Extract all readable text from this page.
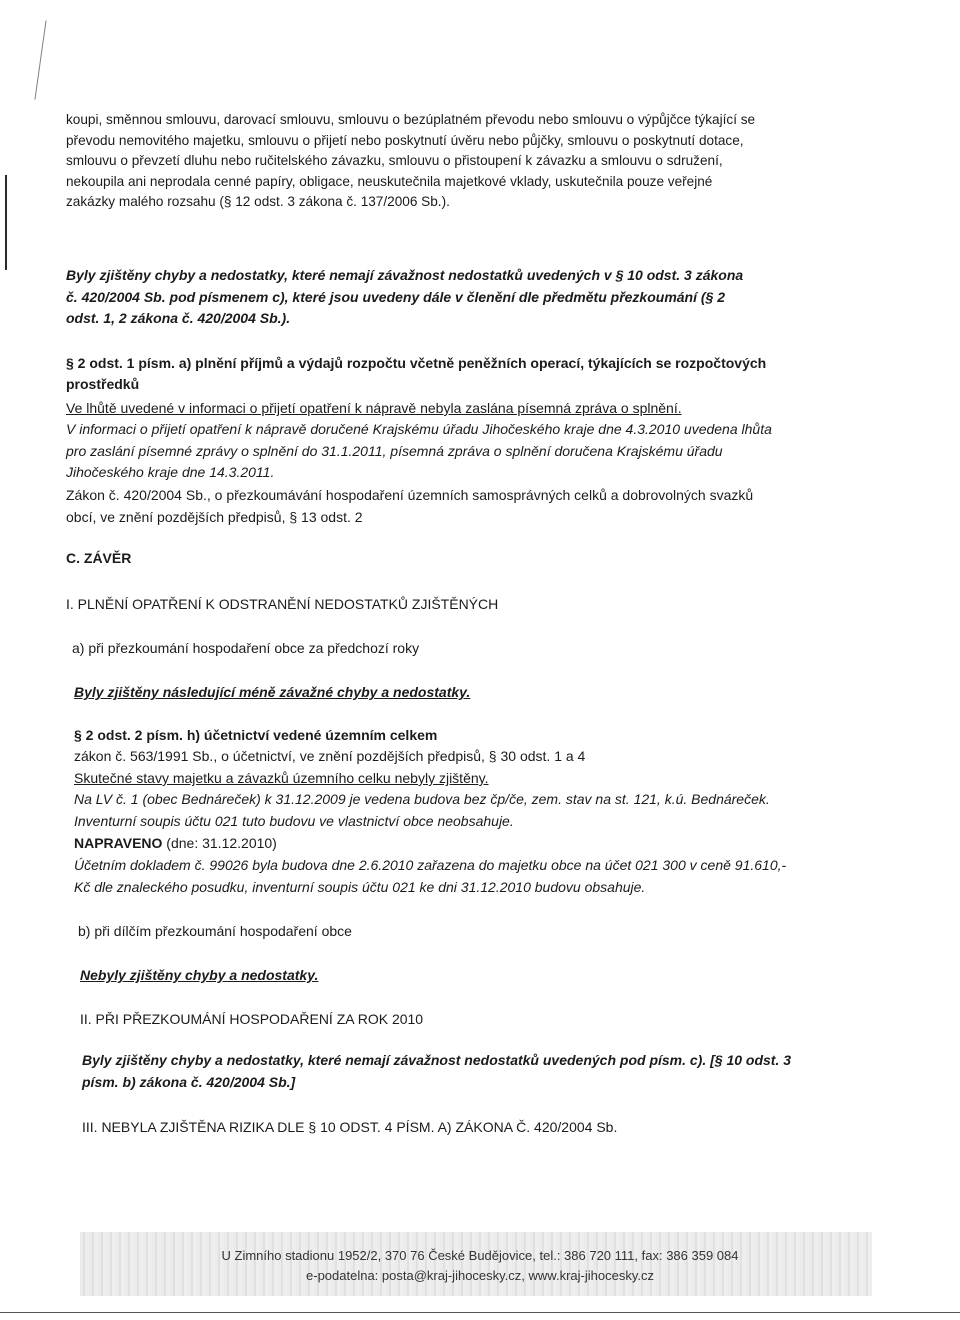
koupi, směnnou smlouvu, darovací smlouvu, smlouvu o bezúplatném převodu nebo smlouvu o výpůjčce týkající se
převodu nemovitého majetku, smlouvu o přijetí nebo poskytnutí úvěru nebo půjčky, smlouvu o poskytnutí dotace,
smlouvu o převzetí dluhu nebo ručitelského závazku, smlouvu o přistoupení k závazku a smlouvu o sdružení,
nekoupila ani neprodala cenné papíry, obligace, neuskutečnila majetkové vklady, uskutečnila pouze veřejné
zakázky malého rozsahu (§ 12 odst. 3 zákona č. 137/2006 Sb.).
Byly zjištěny chyby a nedostatky, které nemají závažnost nedostatků uvedených v § 10 odst. 3 zákona
č. 420/2004 Sb. pod písmenem c), které jsou uvedeny dále v členění dle předmětu přezkoumání (§ 2
odst. 1, 2 zákona č. 420/2004 Sb.).
§ 2 odst. 1 písm. a) plnění příjmů a výdajů rozpočtu včetně peněžních operací, týkajících se rozpočtových
prostředků
Ve lhůtě uvedené v informaci o přijetí opatření k nápravě nebyla zaslána písemná zpráva o splnění.
V informaci o přijetí opatření k nápravě doručené Krajskému úřadu Jihočeského kraje dne 4.3.2010 uvedena lhůta
pro zaslání písemné zprávy o splnění do 31.1.2011, písemná zpráva o splnění doručena Krajskému úřadu
Jihočeského kraje dne 14.3.2011.
Zákon č. 420/2004 Sb., o přezkoumávání hospodaření územních samosprávných celků a dobrovolných svazků
obcí, ve znění pozdějších předpisů, § 13 odst. 2
C. ZÁVĚR
I. PLNĚNÍ OPATŘENÍ K ODSTRANĚNÍ NEDOSTATKŮ ZJIŠTĚNÝCH
a) při přezkoumání hospodaření obce za předchozí roky
Byly zjištěny následující méně závažné chyby a nedostatky.
§ 2 odst. 2 písm. h) účetnictví vedené územním celkem
zákon č. 563/1991 Sb., o účetnictví, ve znění pozdějších předpisů, § 30 odst. 1 a 4
Skutečné stavy majetku a závazků územního celku nebyly zjištěny.
Na LV č. 1 (obec Bednáreček) k 31.12.2009 je vedena budova bez čp/če, zem. stav na st. 121, k.ú. Bednáreček.
Inventurní soupis účtu 021 tuto budovu ve vlastnictví obce neobsahuje.
NAPRAVENO (dne: 31.12.2010)
Účetním dokladem č. 99026 byla budova dne 2.6.2010 zařazena do majetku obce na účet 021 300 v ceně 91.610,-
Kč dle znaleckého posudku, inventurní soupis účtu 021 ke dni 31.12.2010 budovu obsahuje.
b) při dílčím přezkoumání hospodaření obce
Nebyly zjištěny chyby a nedostatky.
II. PŘI PŘEZKOUMÁNÍ HOSPODAŘENÍ ZA ROK 2010
Byly zjištěny chyby a nedostatky, které nemají závažnost nedostatků uvedených pod písm. c). [§ 10 odst. 3
písm. b) zákona č. 420/2004 Sb.]
III. NEBYLA ZJIŠTĚNA RIZIKA DLE § 10 ODST. 4 PÍSM. A) ZÁKONA Č. 420/2004 Sb.
U Zimního stadionu 1952/2, 370 76 České Budějovice, tel.: 386 720 111, fax: 386 359 084
e-podatelna: posta@kraj-jihocesky.cz, www.kraj-jihocesky.cz
